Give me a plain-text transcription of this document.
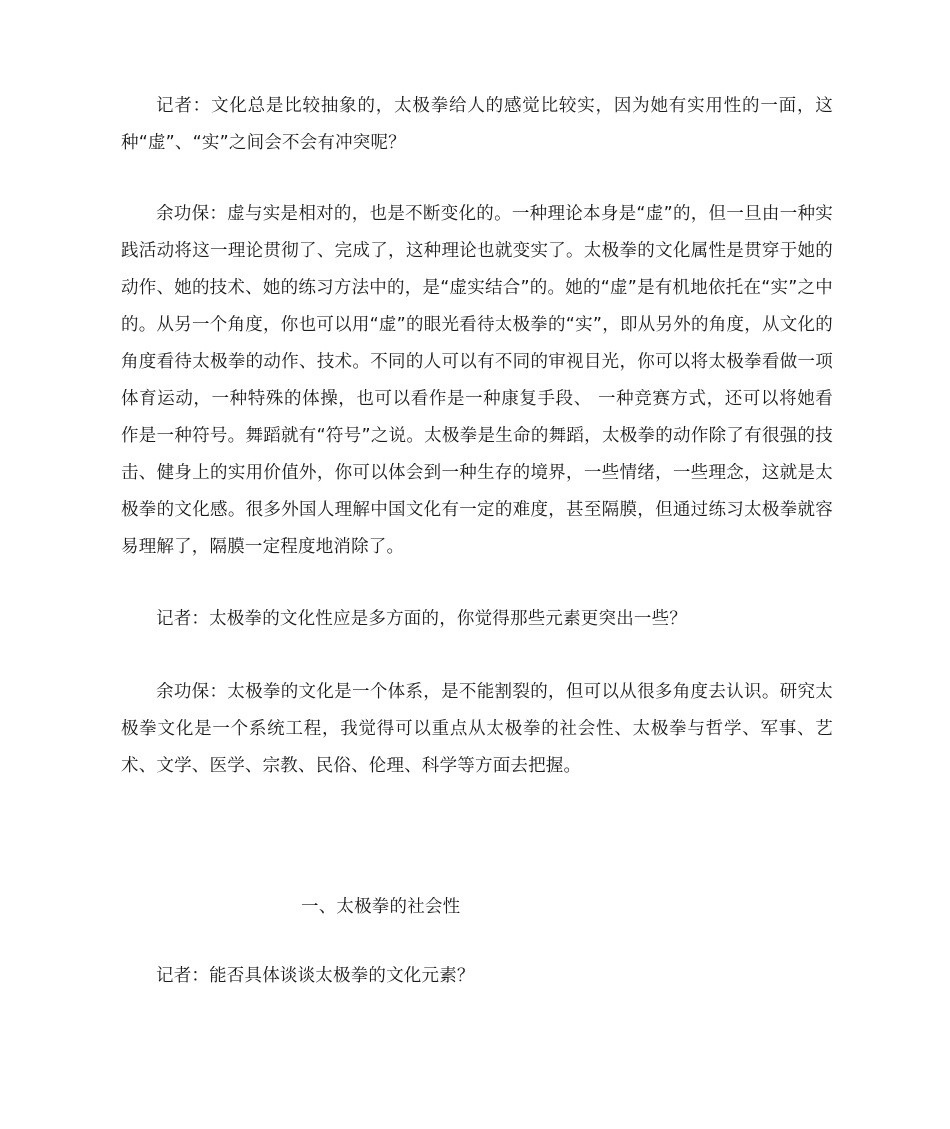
记者：文化总是比较抽象的，太极拳给人的感觉比较实，因为她有实用性的一面，这种“虚”、“实”之间会不会有冲突呢？

余功保：虚与实是相对的，也是不断变化的。一种理论本身是“虚”的，但一旦由一种实践活动将这一理论贯彻了、完成了，这种理论也就变实了。太极拳的文化属性是贯穿于她的动作、她的技术、她的练习方法中的，是“虚实结合”的。她的“虚”是有机地依托在“实”之中的。从另一个角度，你也可以用“虚”的眼光看待太极拳的“实”，即从另外的角度，从文化的角度看待太极拳的动作、技术。不同的人可以有不同的审视目光，你可以将太极拳看做一项体育运动，一种特殊的体操，也可以看作是一种康复手段、 一种竞赛方式，还可以将她看作是一种符号。舞蹈就有“符号”之说。太极拳是生命的舞蹈，太极拳的动作除了有很强的技击、健身上的实用价值外，你可以体会到一种生存的境界，一些情绪，一些理念，这就是太极拳的文化感。很多外国人理解中国文化有一定的难度，甚至隔膜，但通过练习太极拳就容易理解了，隔膜一定程度地消除了。

记者：太极拳的文化性应是多方面的，你觉得那些元素更突出一些？

余功保：太极拳的文化是一个体系，是不能割裂的，但可以从很多角度去认识。研究太极拳文化是一个系统工程，我觉得可以重点从太极拳的社会性、太极拳与哲学、军事、艺术、文学、医学、宗教、民俗、伦理、科学等方面去把握。

一、太极拳的社会性

记者：能否具体谈谈太极拳的文化元素？
